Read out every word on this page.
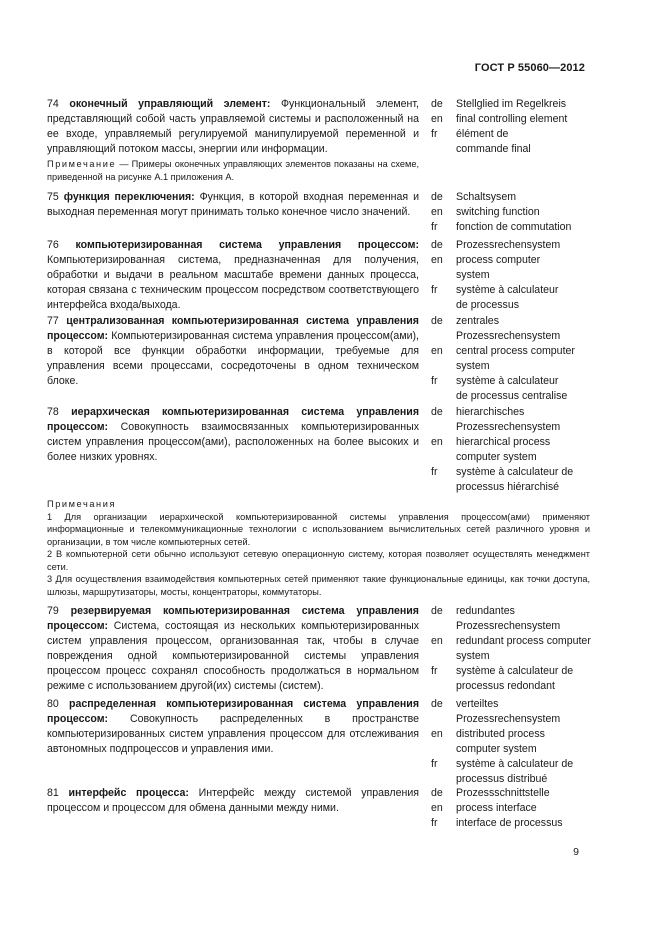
ГОСТ Р 55060—2012
74 оконечный управляющий элемент: Функциональный элемент, представляющий собой часть управляемой системы и расположенный на ее входе, управляемый регулируемой манипулируемой переменной и управляющий потоком массы, энергии или информации.
de	Stellglied im Regelkreis
en	final controlling element
fr	élément de commande final
Примечание — Примеры оконечных управляющих элементов показаны на схеме, приведенной на рисунке А.1 приложения А.
75 функция переключения: Функция, в которой входная переменная и выходная переменная могут принимать только конечное число значений.
de	Schaltsysem
en	switching function
fr	fonction de commutation
76 компьютеризированная система управления процессом: Компьютеризированная система, предназначенная для получения, обработки и выдачи в реальном масштабе времени данных процесса, которая связана с техническим процессом посредством соответствующего интерфейса входа/выхода.
de	Prozessrechensystem
en	process computer system
fr	système à calculateur de processus
77 централизованная компьютеризированная система управления процессом: Компьютеризированная система управления процессом(ами), в которой все функции обработки информации, требуемые для управления всеми процессами, сосредоточены в одном техническом блоке.
de	zentrales Prozessrechensystem
en	central process computer system
fr	système à calculateur de processus centralise
78 иерархическая компьютеризированная система управления процессом: Совокупность взаимосвязанных компьютеризированных систем управления процессом(ами), расположенных на более высоких и более низких уровнях.
de	hierarchisches Prozessrechensystem
en	hierarchical process computer system
fr	système à calculateur de processus hiérarchisé
Примечания
1 Для организации иерархической компьютеризированной системы управления процессом(ами) применяют информационные и телекоммуникационные технологии с использованием вычислительных сетей различного уровня и организации, в том числе компьютерных сетей.
2 В компьютерной сети обычно используют сетевую операционную систему, которая позволяет осуществлять менеджмент сети.
3 Для осуществления взаимодействия компьютерных сетей применяют такие функциональные единицы, как точки доступа, шлюзы, маршрутизаторы, мосты, концентраторы, коммутаторы.
79 резервируемая компьютеризированная система управления процессом: Система, состоящая из нескольких компьютеризированных систем управления процессом, организованная так, чтобы в случае повреждения одной компьютеризированной системы управления процессом процесс сохранял способность продолжаться в нормальном режиме с использованием другой(их) системы (систем).
de	redundantes Prozessrechensystem
en	redundant process computer system
fr	système à calculateur de processus redondant
80 распределенная компьютеризированная система управления процессом: Совокупность распределенных в пространстве компьютеризированных систем управления процессом для отслеживания автономных подпроцессов и управления ими.
de	verteiltes Prozessrechensystem
en	distributed process computer system
fr	système à calculateur de processus distribué
81 интерфейс процесса: Интерфейс между системой управления процессом и процессом для обмена данными между ними.
de	Prozessschnittstelle
en	process interface
fr	interface de processus
9
